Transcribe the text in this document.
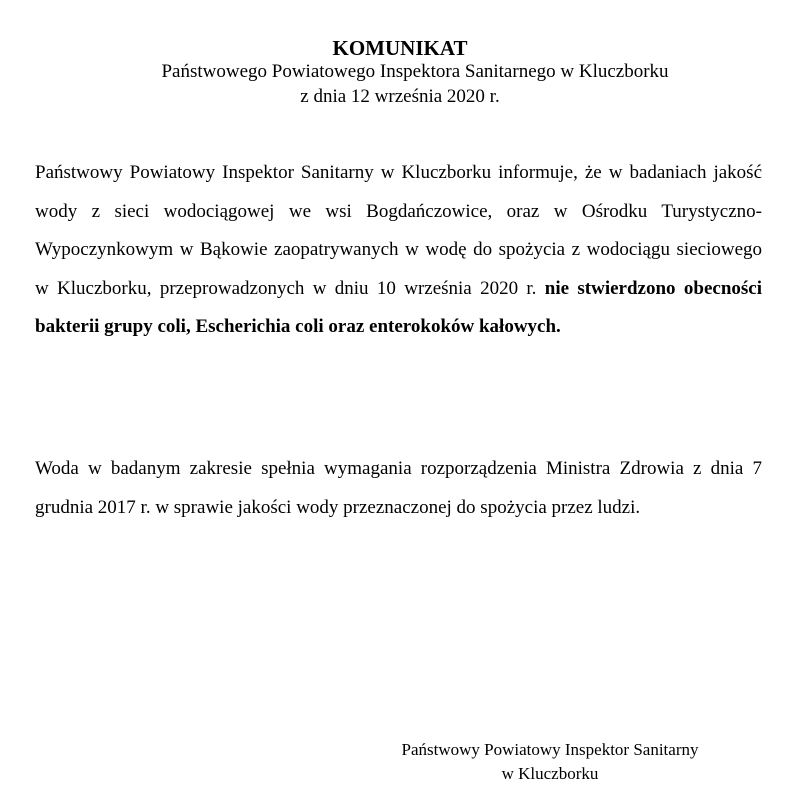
KOMUNIKAT
Państwowego Powiatowego Inspektora Sanitarnego w Kluczborku
z dnia 12 września 2020 r.

Państwowy Powiatowy Inspektor Sanitarny w Kluczborku informuje, że w badaniach jakość wody z sieci wodociągowej we wsi Bogdańczowice, oraz w Ośrodku Turystyczno-Wypoczynkowym w Bąkowie zaopatrywanych w wodę do spożycia z wodociągu sieciowego w Kluczborku, przeprowadzonych w dniu 10 września 2020 r. nie stwierdzono obecności bakterii grupy coli, Escherichia coli oraz enterokoków kałowych.

Woda w badanym zakresie spełnia wymagania rozporządzenia Ministra Zdrowia z dnia 7 grudnia 2017 r. w sprawie jakości wody przeznaczonej do spożycia przez ludzi.

Państwowy Powiatowy Inspektor Sanitarny
w Kluczborku
